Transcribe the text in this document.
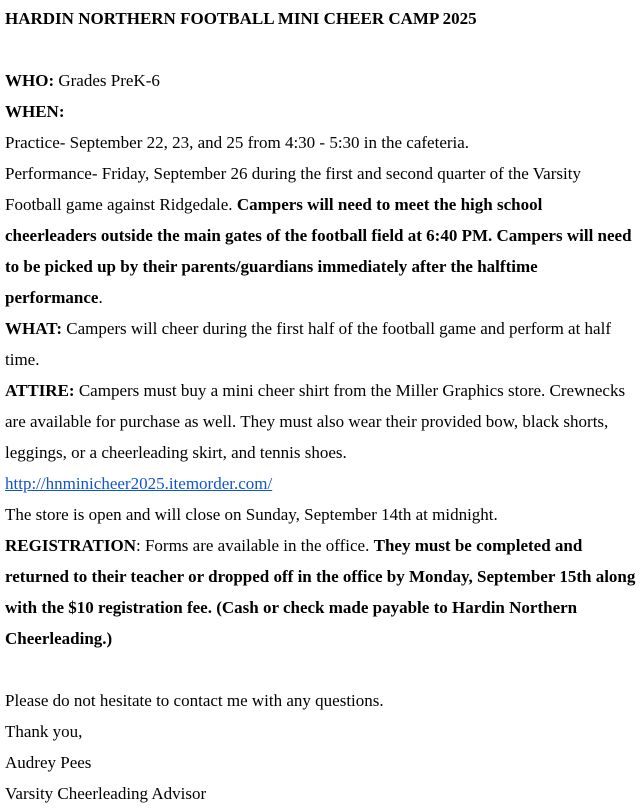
HARDIN NORTHERN FOOTBALL MINI CHEER CAMP 2025
WHO: Grades PreK-6
WHEN:
Practice- September 22, 23, and 25 from 4:30 - 5:30 in the cafeteria.
Performance- Friday, September 26 during the first and second quarter of the Varsity Football game against Ridgedale. Campers will need to meet the high school cheerleaders outside the main gates of the football field at 6:40 PM. Campers will need to be picked up by their parents/guardians immediately after the halftime performance.
WHAT: Campers will cheer during the first half of the football game and perform at half time.
ATTIRE: Campers must buy a mini cheer shirt from the Miller Graphics store. Crewnecks are available for purchase as well. They must also wear their provided bow, black shorts, leggings, or a cheerleading skirt, and tennis shoes.
http://hnminicheer2025.itemorder.com/
The store is open and will close on Sunday, September 14th at midnight.
REGISTRATION: Forms are available in the office. They must be completed and returned to their teacher or dropped off in the office by Monday, September 15th along with the $10 registration fee. (Cash or check made payable to Hardin Northern Cheerleading.)
Please do not hesitate to contact me with any questions.
Thank you,
Audrey Pees
Varsity Cheerleading Advisor
